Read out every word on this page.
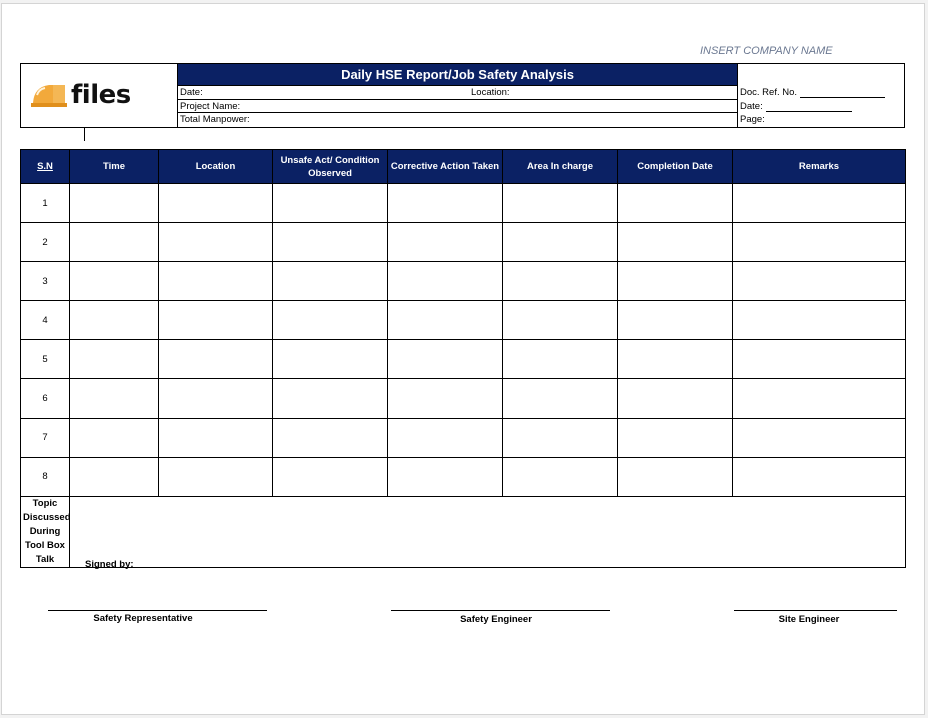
INSERT COMPANY NAME
files
Daily HSE Report/Job Safety Analysis
Date:	Location:
Project Name:
Total Manpower:
Doc. Ref. No.
Date:
Page:
S.N	Time	Location	Unsafe Act/ Condition Observed	Corrective Action Taken	Area In charge	Completion Date	Remarks
1							
2							
3							
4							
5							
6							
7							
8							
Topic Discussed During Tool Box Talk								Signed by:
Safety Representative	Safety Engineer	Site Engineer
